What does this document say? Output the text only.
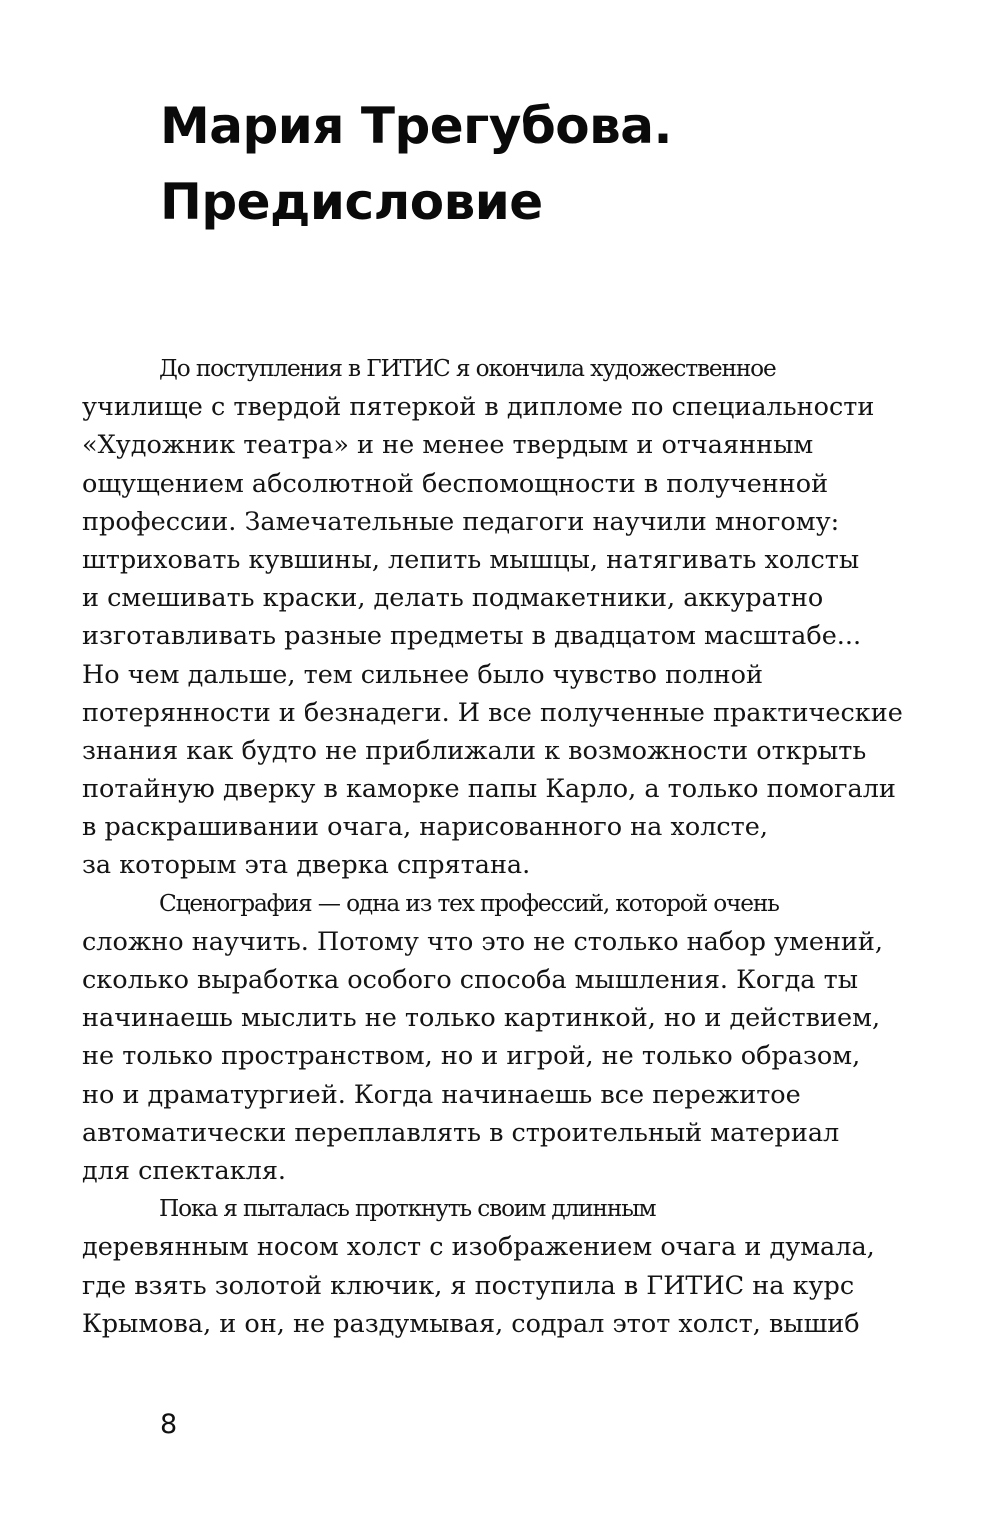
Мария Трегубова.
Предисловие
До поступления в ГИТИС я окончила художественное
училище с твердой пятеркой в дипломе по специальности
«Художник театра» и не менее твердым и отчаянным
ощущением абсолютной беспомощности в полученной
профессии. Замечательные педагоги научили многому:
штриховать кувшины, лепить мышцы, натягивать холсты
и смешивать краски, делать подмакетники, аккуратно
изготавливать разные предметы в двадцатом масштабе...
Но чем дальше, тем сильнее было чувство полной
потерянности и безнадеги. И все полученные практические
знания как будто не приближали к возможности открыть
потайную дверку в каморке папы Карло, а только помогали
в раскрашивании очага, нарисованного на холсте,
за которым эта дверка спрятана.
Сценография — одна из тех профессий, которой очень
сложно научить. Потому что это не столько набор умений,
сколько выработка особого способа мышления. Когда ты
начинаешь мыслить не только картинкой, но и действием,
не только пространством, но и игрой, не только образом,
но и драматургией. Когда начинаешь все пережитое
автоматически переплавлять в строительный материал
для спектакля.
Пока я пыталась проткнуть своим длинным
деревянным носом холст с изображением очага и думала,
где взять золотой ключик, я поступила в ГИТИС на курс
Крымова, и он, не раздумывая, содрал этот холст, вышиб
8
